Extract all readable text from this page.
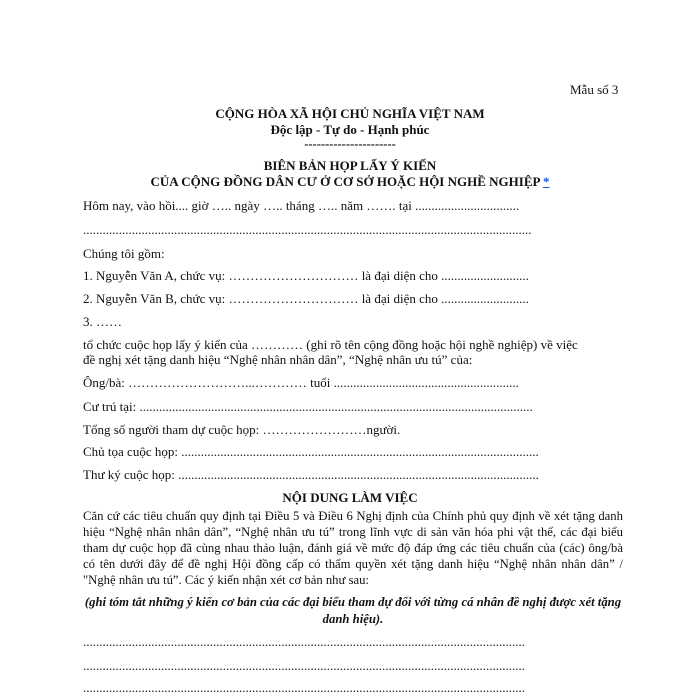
Mẫu số 3
CỘNG HÒA XÃ HỘI CHỦ NGHĨA VIỆT NAM
Độc lập - Tự do - Hạnh phúc
----------------------
BIÊN BẢN HỌP LẤY Ý KIẾN
CỦA CỘNG ĐỒNG DÂN CƯ Ở CƠ SỞ HOẶC HỘI NGHỀ NGHIỆP *
Hôm nay, vào hồi.... giờ ….. ngày ….. tháng ….. năm ……. tại ................................
..........................................................................................................................................
Chúng tôi gồm:
1. Nguyễn Văn A, chức vụ: ………………………… là đại diện cho ...........................
2. Nguyễn Văn B, chức vụ: ………………………… là đại diện cho ...........................
3. ……
tổ chức cuộc họp lấy ý kiến của ………… (ghi rõ tên cộng đồng hoặc hội nghề nghiệp) về việc
đề nghị xét tặng danh hiệu “Nghệ nhân nhân dân”, “Nghệ nhân ưu tú” của:
Ông/bà: ………………………...………… tuổi .........................................................
Cư trú tại: .........................................................................................................................
Tổng số người tham dự cuộc họp: ……………………người.
Chủ tọa cuộc họp: ..............................................................................................................
Thư ký cuộc họp: ...............................................................................................................
NỘI DUNG LÀM VIỆC
Căn cứ các tiêu chuẩn quy định tại Điều 5 và Điều 6 Nghị định của Chính phủ quy định về xét tặng danh hiệu “Nghệ nhân nhân dân”, “Nghệ nhân ưu tú” trong lĩnh vực di sản văn hóa phi vật thể, các đại biểu tham dự cuộc họp đã cùng nhau thảo luận, đánh giá về mức độ đáp ứng các tiêu chuẩn của (các) ông/bà có tên dưới đây để đề nghị Hội đồng cấp có thẩm quyền xét tặng danh hiệu “Nghệ nhân nhân dân” / "Nghệ nhân ưu tú”. Các ý kiến nhận xét cơ bản như sau:
(ghi tóm tắt những ý kiến cơ bản của các đại biểu tham dự đối với từng cá nhân đề nghị được xét tặng danh hiệu).
........................................................................................................................................
........................................................................................................................................
........................................................................................................................................
